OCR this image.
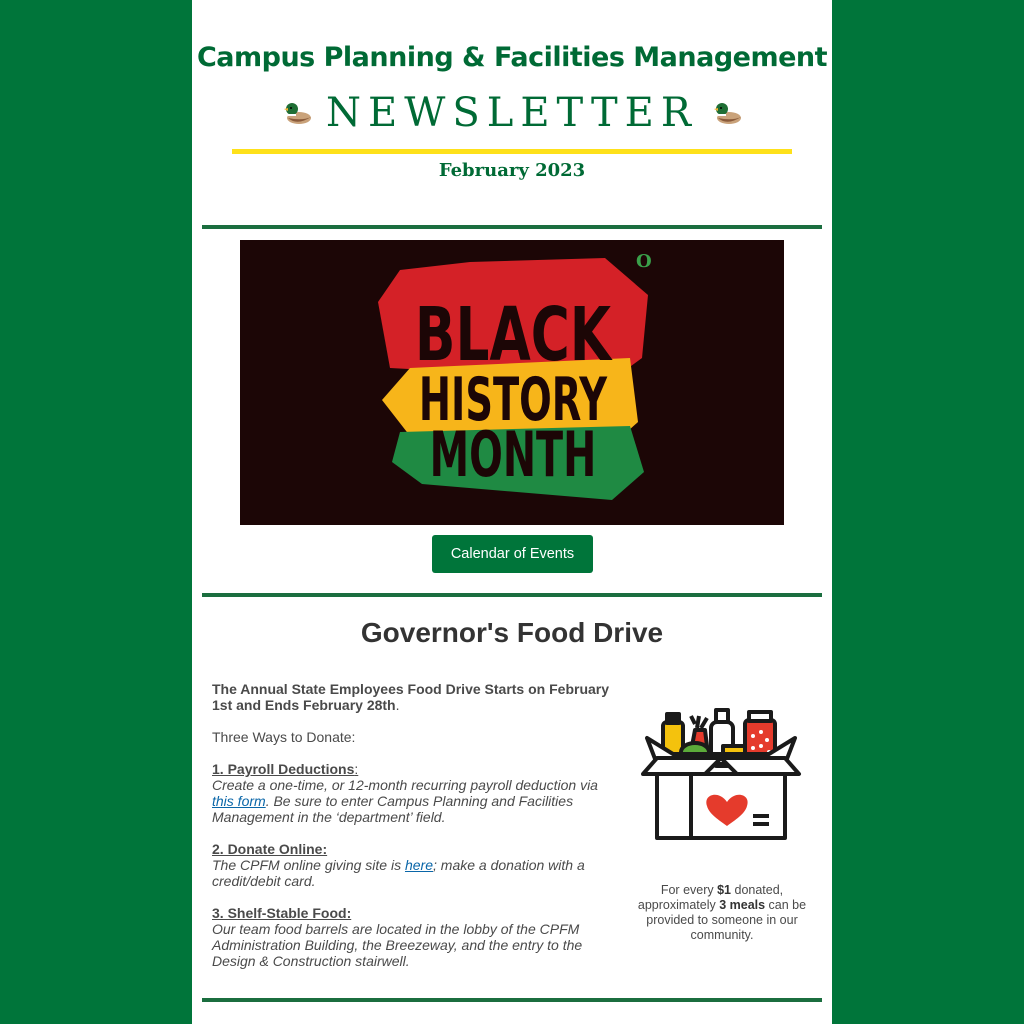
Campus Planning & Facilities Management
NEWSLETTER
February 2023
O
BLACK
HISTORY
MONTH
Calendar of Events
Governor's Food Drive

The Annual State Employees Food Drive Starts on February 1st and Ends February 28th.

Three Ways to Donate:

1. Payroll Deductions:
Create a one-time, or 12-month recurring payroll deduction via this form. Be sure to enter Campus Planning and Facilities Management in the ‘department’ field.

2. Donate Online:
The CPFM online giving site is here; make a donation with a credit/debit card.

3. Shelf-Stable Food:
Our team food barrels are located in the lobby of the CPFM Administration Building, the Breezeway, and the entry to the Design & Construction stairwell.

For every $1 donated, approximately 3 meals can be provided to someone in our community.
